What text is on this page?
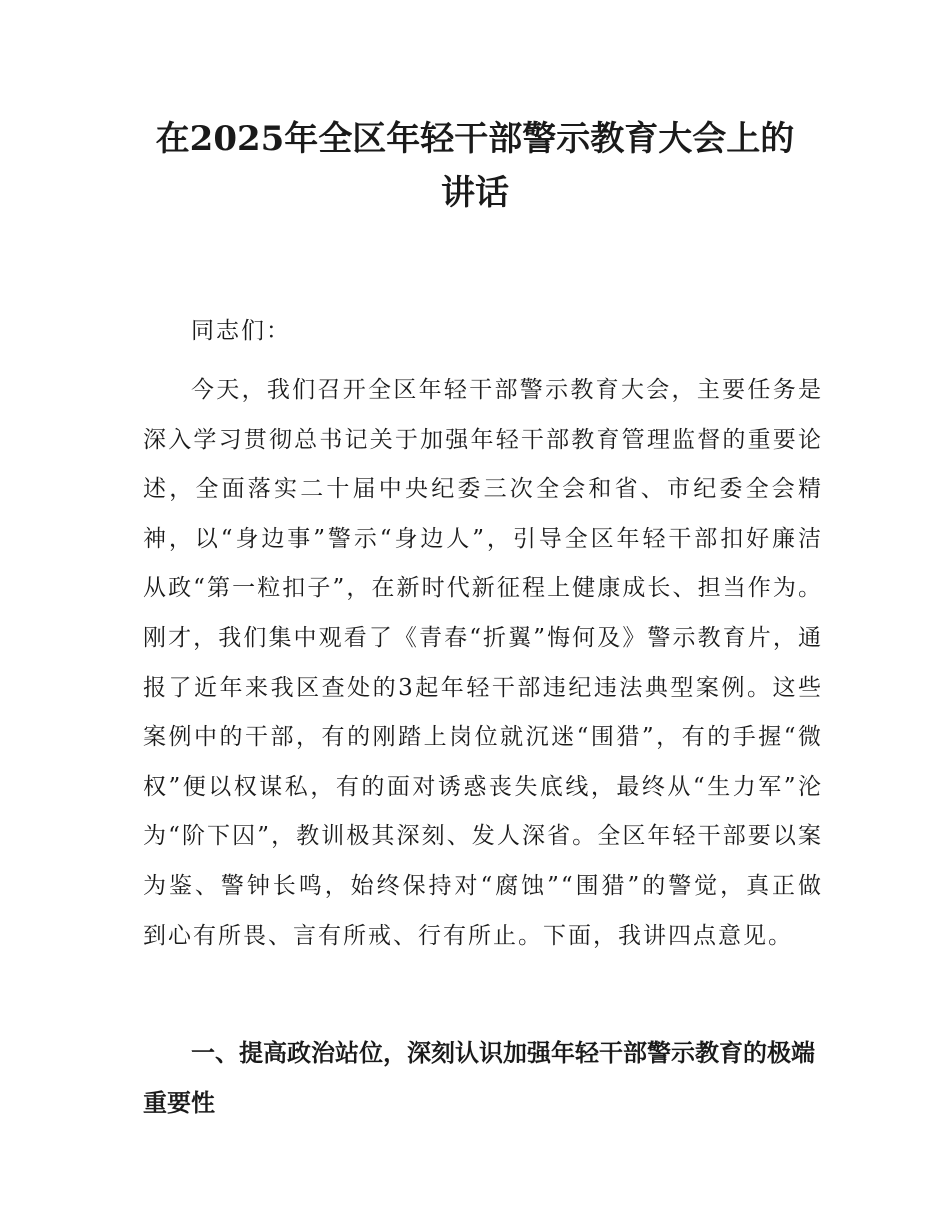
在2025年全区年轻干部警示教育大会上的讲话

同志们：

今天，我们召开全区年轻干部警示教育大会，主要任务是深入学习贯彻总书记关于加强年轻干部教育管理监督的重要论述，全面落实二十届中央纪委三次全会和省、市纪委全会精神，以“身边事”警示“身边人”，引导全区年轻干部扣好廉洁从政“第一粒扣子”，在新时代新征程上健康成长、担当作为。刚才，我们集中观看了《青春“折翼”悔何及》警示教育片，通报了近年来我区查处的3起年轻干部违纪违法典型案例。这些案例中的干部，有的刚踏上岗位就沉迷“围猎”，有的手握“微权”便以权谋私，有的面对诱惑丧失底线，最终从“生力军”沦为“阶下囚”，教训极其深刻、发人深省。全区年轻干部要以案为鉴、警钟长鸣，始终保持对“腐蚀”“围猎”的警觉，真正做到心有所畏、言有所戒、行有所止。下面，我讲四点意见。

一、提高政治站位，深刻认识加强年轻干部警示教育的极端重要性
